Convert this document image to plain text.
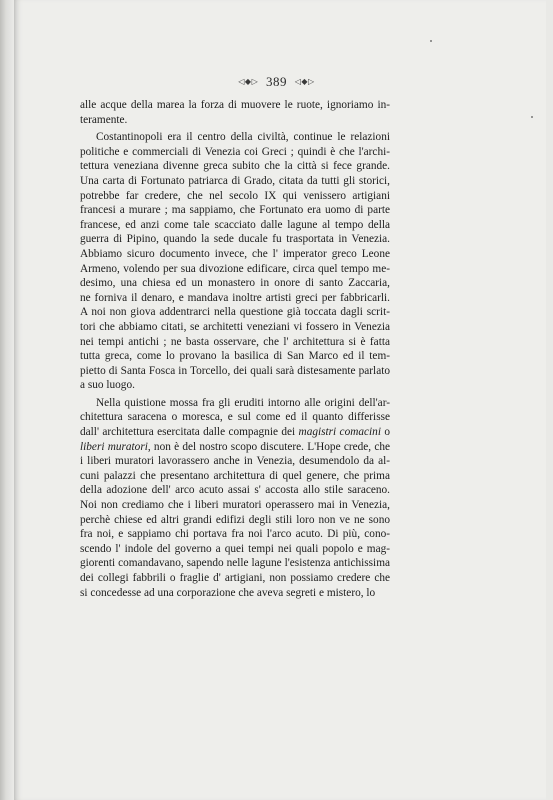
◁◆▷ 389 ◁◆▷
alle acque della marea la forza di muovere le ruote, ignoriamo in-
teramente.
Costantinopoli era il centro della civiltà, continue le relazioni
politiche e commerciali di Venezia coi Greci ; quindi è che l'archi-
tettura veneziana divenne greca subito che la città si fece grande.
Una carta di Fortunato patriarca di Grado, citata da tutti gli storici,
potrebbe far credere, che nel secolo IX qui venissero artigiani
francesi a murare ; ma sappiamo, che Fortunato era uomo di parte
francese, ed anzi come tale scacciato dalle lagune al tempo della
guerra di Pipino, quando la sede ducale fu trasportata in Venezia.
Abbiamo sicuro documento invece, che l' imperator greco Leone
Armeno, volendo per sua divozione edificare, circa quel tempo me-
desimo, una chiesa ed un monastero in onore di santo Zaccaria,
ne forniva il denaro, e mandava inoltre artisti greci per fabbricarli.
A noi non giova addentrarci nella questione già toccata dagli scrit-
tori che abbiamo citati, se architetti veneziani vi fossero in Venezia
nei tempi antichi ; ne basta osservare, che l' architettura si è fatta
tutta greca, come lo provano la basilica di San Marco ed il tem-
pietto di Santa Fosca in Torcello, dei quali sarà distesamente parlato
a suo luogo.
Nella quistione mossa fra gli eruditi intorno alle origini dell'ar-
chitettura saracena o moresca, e sul come ed il quanto differisse
dall' architettura esercitata dalle compagnie dei magistri comacini o
liberi muratori, non è del nostro scopo discutere. L'Hope crede, che
i liberi muratori lavorassero anche in Venezia, desumendolo da al-
cuni palazzi che presentano architettura di quel genere, che prima
della adozione dell' arco acuto assai s' accosta allo stile saraceno.
Noi non crediamo che i liberi muratori operassero mai in Venezia,
perchè chiese ed altri grandi edifizi degli stili loro non ve ne sono
fra noi, e sappiamo chi portava fra noi l'arco acuto. Di più, cono-
scendo l' indole del governo a quei tempi nei quali popolo e mag-
giorenti comandavano, sapendo nelle lagune l'esistenza antichissima
dei collegi fabbrili o fraglie d' artigiani, non possiamo credere che
si concedesse ad una corporazione che aveva segreti e mistero, lo
